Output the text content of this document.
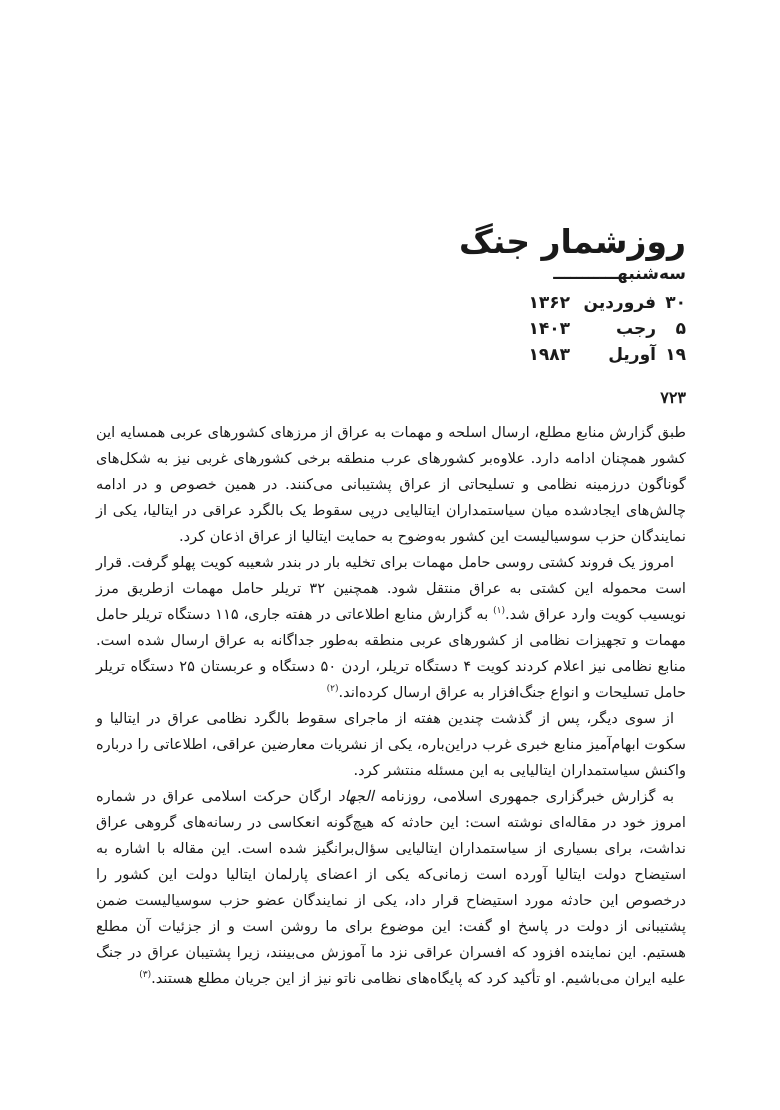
روزشمار جنگ
سه‌شنبهـــــــــــ
۳۰
فروردین
۱۳۶۲
۵
رجب
۱۴۰۳
۱۹
آوریل
۱۹۸۳
۷۲۳

طبق گزارش منابع مطلع، ارسال اسلحه و مهمات به عراق از مرزهای کشورهای عربی همسایه این کشور همچنان ادامه دارد. علاوه‌بر کشورهای عرب منطقه برخی کشورهای غربی نیز به شکل‌های گوناگون درزمینه نظامی و تسلیحاتی از عراق پشتیبانی می‌کنند. در همین خصوص و در ادامه چالش‌های ایجادشده میان سیاستمداران ایتالیایی درپی سقوط یک بالگرد عراقی در ایتالیا، یکی از نمایندگان حزب سوسیالیست این کشور به‌وضوح به حمایت ایتالیا از عراق اذعان کرد.

امروز یک فروند کشتی روسی حامل مهمات برای تخلیه بار در بندر شعیبه کویت پهلو گرفت. قرار است محموله این کشتی به عراق منتقل شود. همچنین ۳۲ تریلر حامل مهمات ازطریق مرز نویسیب کویت وارد عراق شد.$^{(۱)}$ به گزارش منابع اطلاعاتی در هفته جاری، ۱۱۵ دستگاه تریلر حامل مهمات و تجهیزات نظامی از کشورهای عربی منطقه به‌طور جداگانه به عراق ارسال شده است. منابع نظامی نیز اعلام کردند کویت ۴ دستگاه تریلر، اردن ۵۰ دستگاه و عربستان ۲۵ دستگاه تریلر حامل تسلیحات و انواع جنگ‌افزار به عراق ارسال کرده‌اند.$^{(۲)}$

از سوی دیگر، پس از گذشت چندین هفته از ماجرای سقوط بالگرد نظامی عراق در ایتالیا و سکوت ابهام‌آمیز منابع خبری غرب دراین‌باره، یکی از نشریات معارضین عراقی، اطلاعاتی را درباره واکنش سیاستمداران ایتالیایی به این مسئله منتشر کرد.

به گزارش خبرگزاری جمهوری اسلامی، روزنامه الجهاد ارگان حرکت اسلامی عراق در شماره امروز خود در مقاله‌ای نوشته است: این حادثه که هیچ‌گونه انعکاسی در رسانه‌های گروهی عراق نداشت، برای بسیاری از سیاستمداران ایتالیایی سؤال‌برانگیز شده است. این مقاله با اشاره به استیضاح دولت ایتالیا آورده است زمانی‌که یکی از اعضای پارلمان ایتالیا دولت این کشور را درخصوص این حادثه مورد استیضاح قرار داد، یکی از نمایندگان عضو حزب سوسیالیست ضمن پشتیبانی از دولت در پاسخ او گفت: این موضوع برای ما روشن است و از جزئیات آن مطلع هستیم. این نماینده افزود که افسران عراقی نزد ما آموزش می‌بینند، زیرا پشتیبان عراق در جنگ علیه ایران می‌باشیم. او تأکید کرد که پایگاه‌های نظامی ناتو نیز از این جریان مطلع هستند.$^{(۳)}$
